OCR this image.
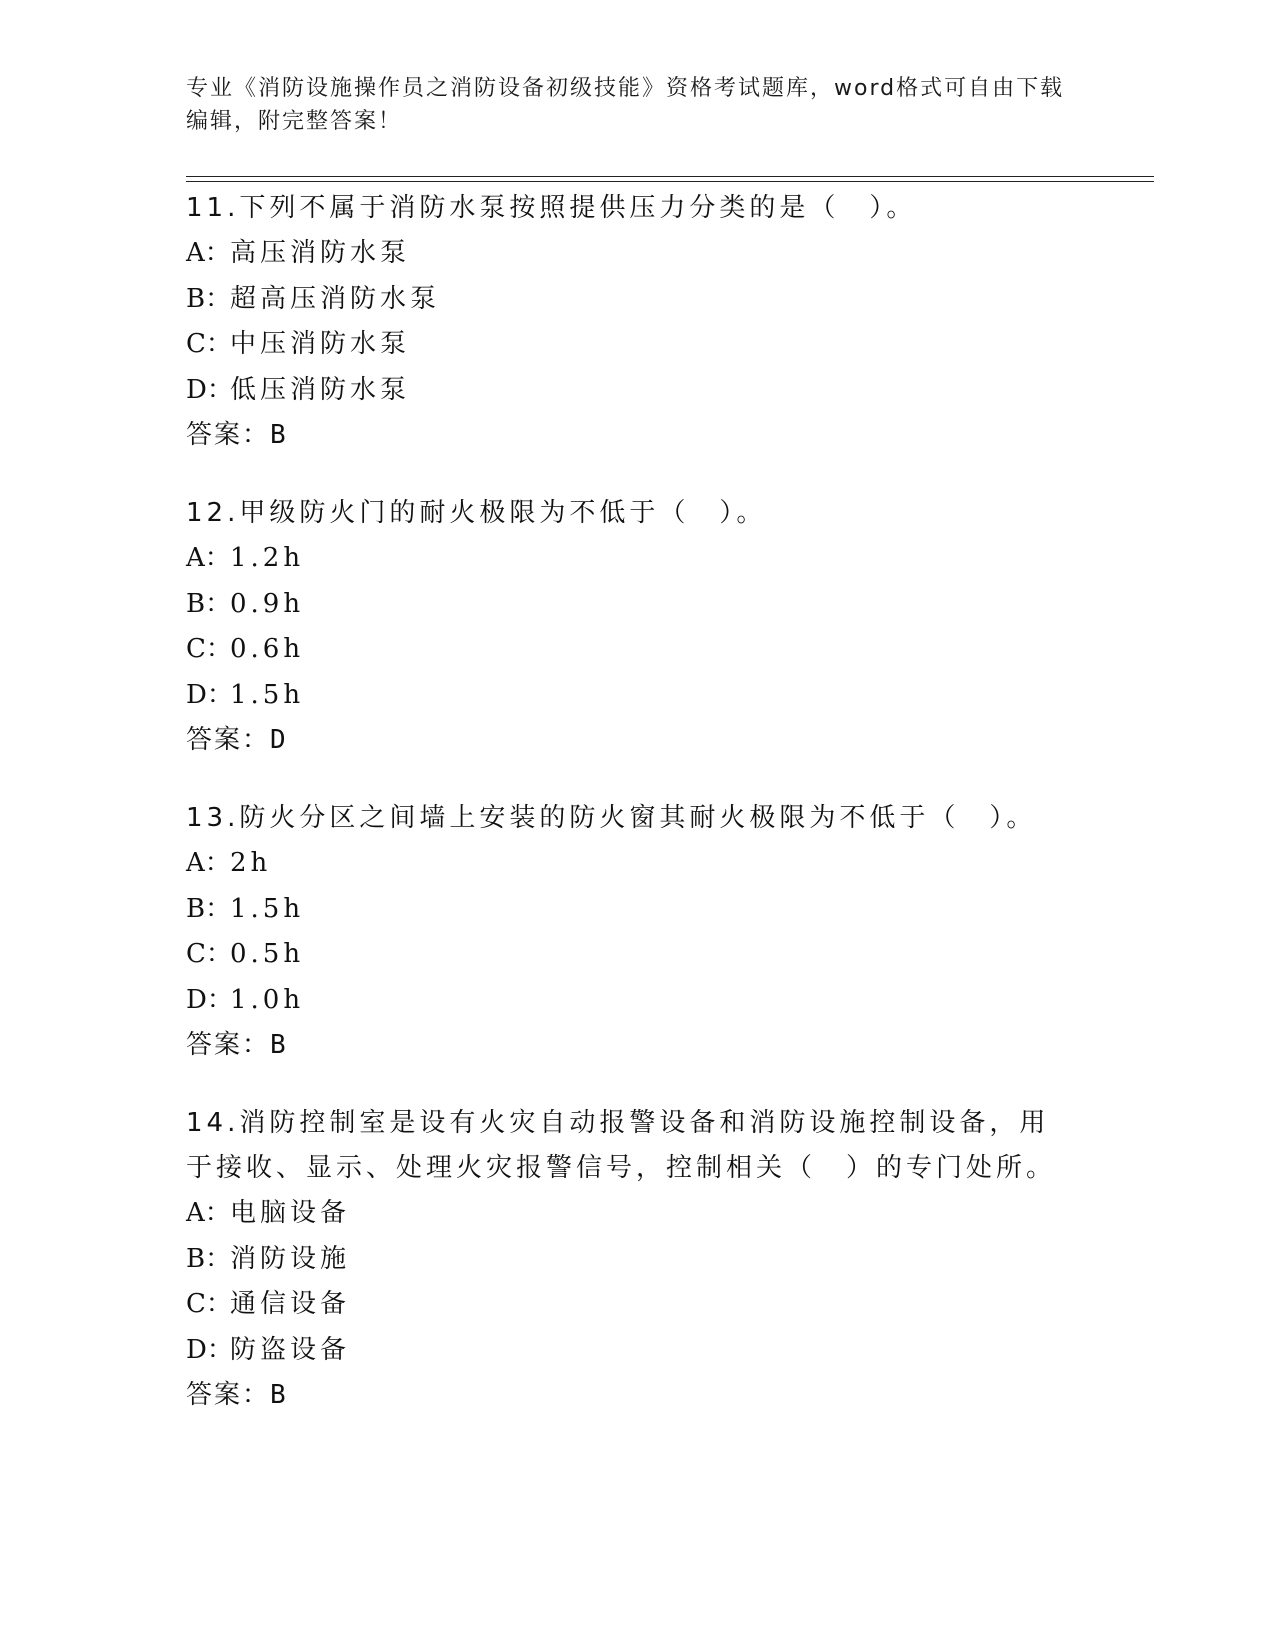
专业《消防设施操作员之消防设备初级技能》资格考试题库，word格式可自由下载编辑，附完整答案！

11.下列不属于消防水泵按照提供压力分类的是（　）。

A：高压消防水泵

B：超高压消防水泵

C：中压消防水泵

D：低压消防水泵

答案：B

12.甲级防火门的耐火极限为不低于（　）。

A：1.2h

B：0.9h

C：0.6h

D：1.5h

答案：D

13.防火分区之间墙上安装的防火窗其耐火极限为不低于（　）。

A：2h

B：1.5h

C：0.5h

D：1.0h

答案：B

14.消防控制室是设有火灾自动报警设备和消防设施控制设备，用于接收、显示、处理火灾报警信号，控制相关（　）的专门处所。

A：电脑设备

B：消防设施

C：通信设备

D：防盗设备

答案：B
